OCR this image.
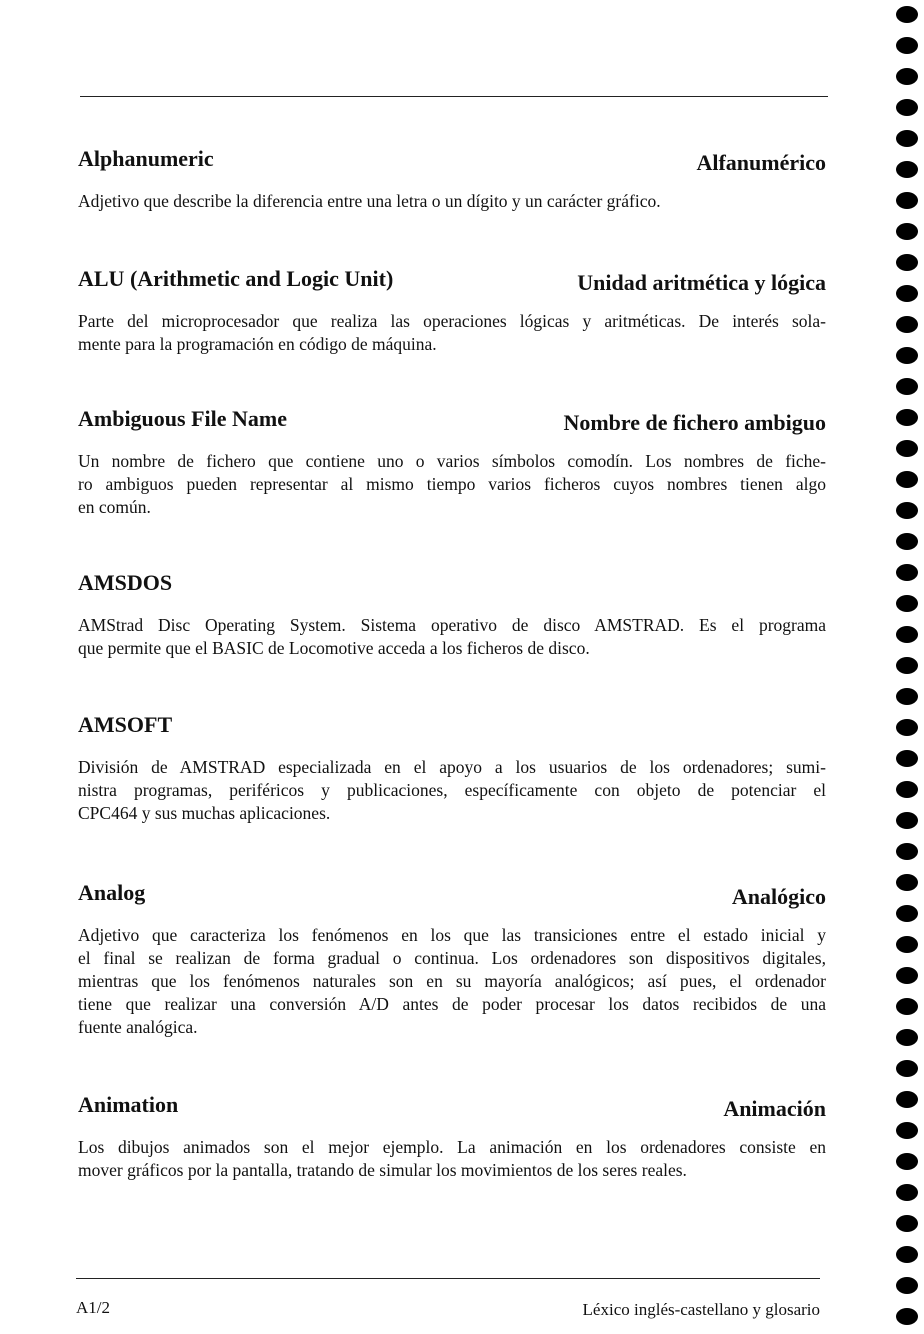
Alphanumeric	Alfanumérico
Adjetivo que describe la diferencia entre una letra o un dígito y un carácter gráfico.
ALU (Arithmetic and Logic Unit)	Unidad aritmética y lógica
Parte del microprocesador que realiza las operaciones lógicas y aritméticas. De interés sola-
mente para la programación en código de máquina.
Ambiguous File Name	Nombre de fichero ambiguo
Un nombre de fichero que contiene uno o varios símbolos comodín. Los nombres de fiche-
ro ambiguos pueden representar al mismo tiempo varios ficheros cuyos nombres tienen algo
en común.
AMSDOS
AMStrad Disc Operating System. Sistema operativo de disco AMSTRAD. Es el programa
que permite que el BASIC de Locomotive acceda a los ficheros de disco.
AMSOFT
División de AMSTRAD especializada en el apoyo a los usuarios de los ordenadores; sumi-
nistra programas, periféricos y publicaciones, específicamente con objeto de potenciar el
CPC464 y sus muchas aplicaciones.
Analog	Analógico
Adjetivo que caracteriza los fenómenos en los que las transiciones entre el estado inicial y
el final se realizan de forma gradual o continua. Los ordenadores son dispositivos digitales,
mientras que los fenómenos naturales son en su mayoría analógicos; así pues, el ordenador
tiene que realizar una conversión A/D antes de poder procesar los datos recibidos de una
fuente analógica.
Animation	Animación
Los dibujos animados son el mejor ejemplo. La animación en los ordenadores consiste en
mover gráficos por la pantalla, tratando de simular los movimientos de los seres reales.
A1/2	Léxico inglés-castellano y glosario
